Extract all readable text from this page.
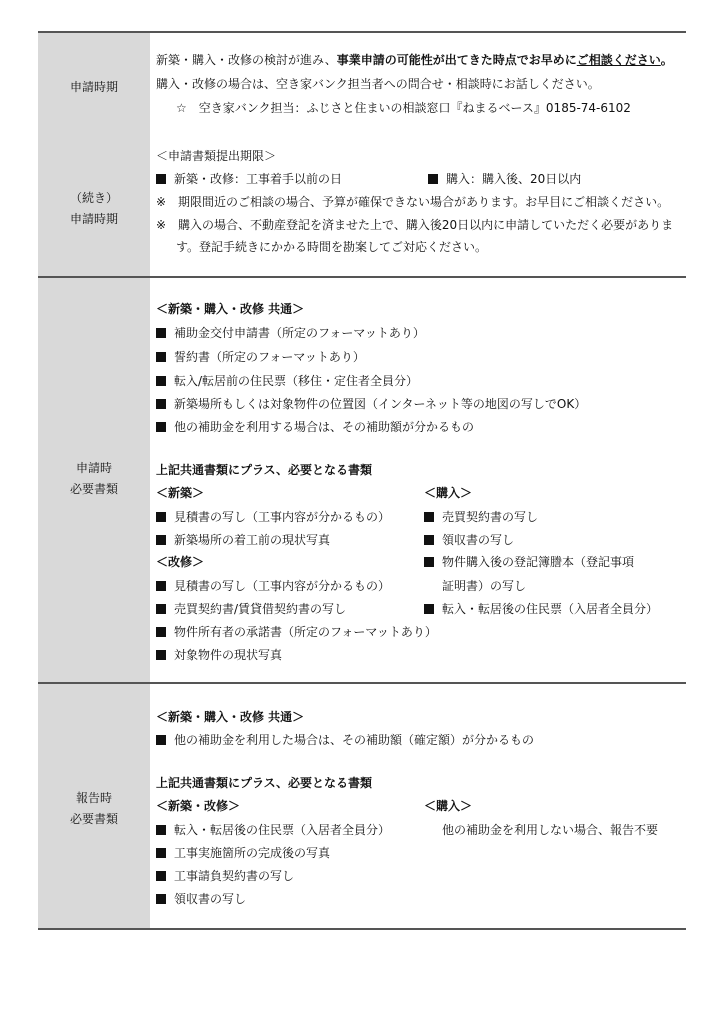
申請時期
（続き）
申請時期
新築・購入・改修の検討が進み、事業申請の可能性が出てきた時点でお早めにご相談ください。
購入・改修の場合は、空き家バンク担当者への問合せ・相談時にお話しください。
☆　空き家バンク担当：ふじさと住まいの相談窓口『ねまるベース』0185-74-6102
＜申請書類提出期限＞
新築・改修：工事着手以前の日	購入：購入後、20日以内
※　期限間近のご相談の場合、予算が確保できない場合があります。お早目にご相談ください。
※　購入の場合、不動産登記を済ませた上で、購入後20日以内に申請していただく必要がありま
す。登記手続きにかかる時間を勘案してご対応ください。
申請時
必要書類
＜新築・購入・改修 共通＞
補助金交付申請書（所定のフォーマットあり）
誓約書（所定のフォーマットあり）
転入/転居前の住民票（移住・定住者全員分）
新築場所もしくは対象物件の位置図（インターネット等の地図の写しでOK）
他の補助金を利用する場合は、その補助額が分かるもの
上記共通書類にプラス、必要となる書類
＜新築＞
見積書の写し（工事内容が分かるもの）
新築場所の着工前の現状写真
＜改修＞
見積書の写し（工事内容が分かるもの）
売買契約書/賃貸借契約書の写し
物件所有者の承諾書（所定のフォーマットあり）
対象物件の現状写真
＜購入＞
売買契約書の写し
領収書の写し
物件購入後の登記簿謄本（登記事項
証明書）の写し
転入・転居後の住民票（入居者全員分）
報告時
必要書類
＜新築・購入・改修 共通＞
他の補助金を利用した場合は、その補助額（確定額）が分かるもの
上記共通書類にプラス、必要となる書類
＜新築・改修＞
転入・転居後の住民票（入居者全員分）
工事実施箇所の完成後の写真
工事請負契約書の写し
領収書の写し
＜購入＞
他の補助金を利用しない場合、報告不要
